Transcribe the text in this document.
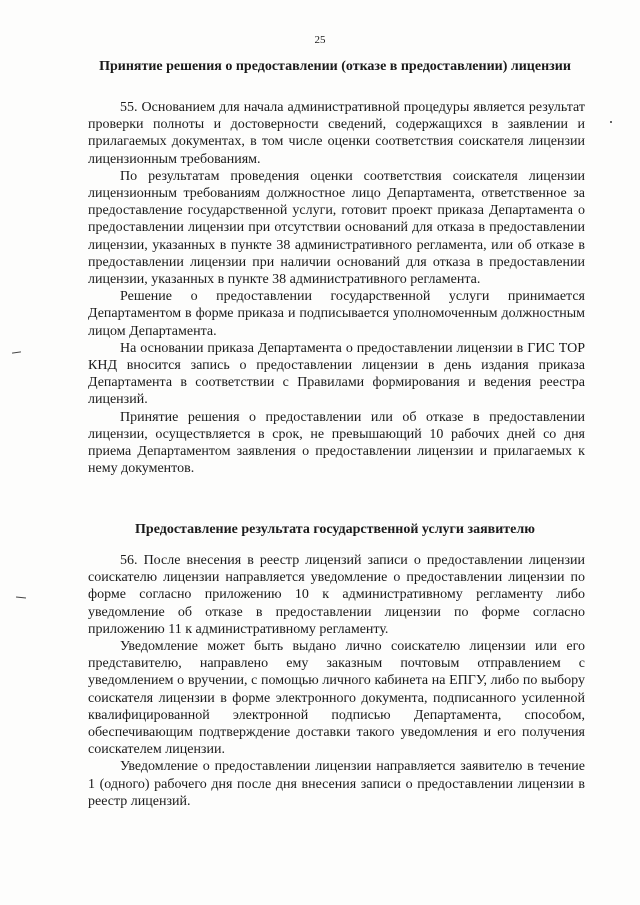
25
Принятие решения о предоставлении (отказе в предоставлении) лицензии

55. Основанием для начала административной процедуры является результат проверки полноты и достоверности сведений, содержащихся в заявлении и прилагаемых документах, в том числе оценки соответствия соискателя лицензии лицензионным требованиям.

По результатам проведения оценки соответствия соискателя лицензии лицензионным требованиям должностное лицо Департамента, ответственное за предоставление государственной услуги, готовит проект приказа Департамента о предоставлении лицензии при отсутствии оснований для отказа в предоставлении лицензии, указанных в пункте 38 административного регламента, или об отказе в предоставлении лицензии при наличии оснований для отказа в предоставлении лицензии, указанных в пункте 38 административного регламента.

Решение о предоставлении государственной услуги принимается Департаментом в форме приказа и подписывается уполномоченным должностным лицом Департамента.

На основании приказа Департамента о предоставлении лицензии в ГИС ТОР КНД вносится запись о предоставлении лицензии в день издания приказа Департамента в соответствии с Правилами формирования и ведения реестра лицензий.

Принятие решения о предоставлении или об отказе в предоставлении лицензии, осуществляется в срок, не превышающий 10 рабочих дней со дня приема Департаментом заявления о предоставлении лицензии и прилагаемых к нему документов.

Предоставление результата государственной услуги заявителю

56. После внесения в реестр лицензий записи о предоставлении лицензии соискателю лицензии направляется уведомление о предоставлении лицензии по форме согласно приложению 10 к административному регламенту либо уведомление об отказе в предоставлении лицензии по форме согласно приложению 11 к административному регламенту.

Уведомление может быть выдано лично соискателю лицензии или его представителю, направлено ему заказным почтовым отправлением с уведомлением о вручении, с помощью личного кабинета на ЕПГУ, либо по выбору соискателя лицензии в форме электронного документа, подписанного усиленной квалифицированной электронной подписью Департамента, способом, обеспечивающим подтверждение доставки такого уведомления и его получения соискателем лицензии.

Уведомление о предоставлении лицензии направляется заявителю в течение 1 (одного) рабочего дня после дня внесения записи о предоставлении лицензии в реестр лицензий.
